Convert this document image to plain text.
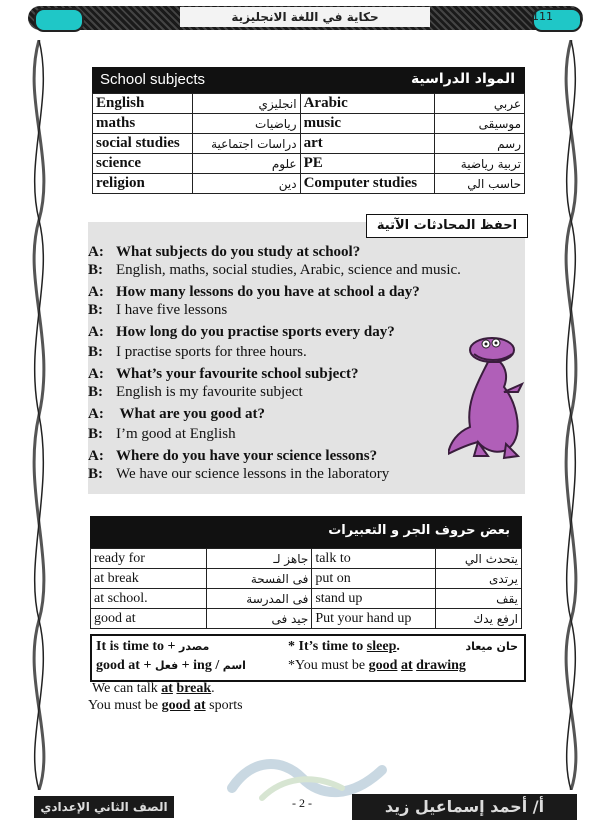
حكاية في اللغة الانجليزية	111
School subjects	المواد الدراسية
English	انجليزي	Arabic	عربي
maths	رياضيات	music	موسيقى
social studies	دراسات اجتماعية	art	رسم
science	علوم	PE	تربية رياضية
religion	دين	Computer studies	حاسب الي
احفظ المحادثات الآتية
A: What subjects do you study at school?
B: English, maths, social studies, Arabic, science and music.
A: How many lessons do you have at school a day?
B: I have five lessons
A: How long do you practise sports every day?
B: I practise sports for three hours.
A: What’s your favourite school subject?
B: English is my favourite subject
A: What are you good at?
B: I’m good at English
A: Where do you have your science lessons?
B: We have our science lessons in the laboratory
بعض حروف الجر و التعبيرات
ready for	جاهز لـ	talk to	يتحدث الي
at break	فى الفسحة	put on	يرتدى
at school.	فى المدرسة	stand up	يقف
good at	جيد فى	Put your hand up	ارفع يدك
It is time to + مصدر	* It’s time to sleep.	حان ميعاد
good at + فعل + ing / اسم	*You must be good at drawing
We can talk at break.
You must be good at sports
الصف الثاني الإعدادي	- 2 -	أ/ أحمد إسماعيل زيد
